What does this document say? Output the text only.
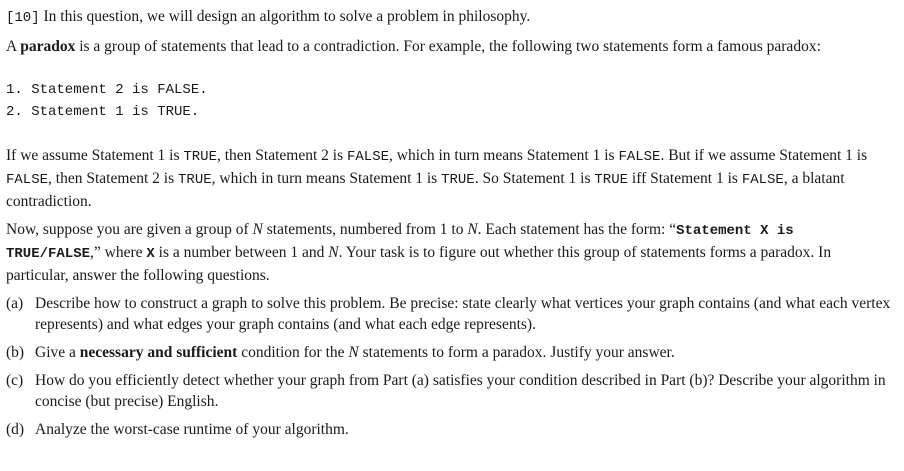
[10] In this question, we will design an algorithm to solve a problem in philosophy.

A paradox is a group of statements that lead to a contradiction. For example, the following two statements form a famous paradox:

1. Statement 2 is FALSE.
2. Statement 1 is TRUE.

If we assume Statement 1 is TRUE, then Statement 2 is FALSE, which in turn means Statement 1 is FALSE. But if we assume Statement 1 is FALSE, then Statement 2 is TRUE, which in turn means Statement 1 is TRUE. So Statement 1 is TRUE iff Statement 1 is FALSE, a blatant contradiction.

Now, suppose you are given a group of N statements, numbered from 1 to N. Each statement has the form: “Statement X is TRUE/FALSE,” where X is a number between 1 and N. Your task is to figure out whether this group of statements forms a paradox. In particular, answer the following questions.

(a) Describe how to construct a graph to solve this problem. Be precise: state clearly what vertices your graph contains (and what each vertex represents) and what edges your graph contains (and what each edge represents).
(b) Give a necessary and sufficient condition for the N statements to form a paradox. Justify your answer.
(c) How do you efficiently detect whether your graph from Part (a) satisfies your condition described in Part (b)? Describe your algorithm in concise (but precise) English.
(d) Analyze the worst-case runtime of your algorithm.
